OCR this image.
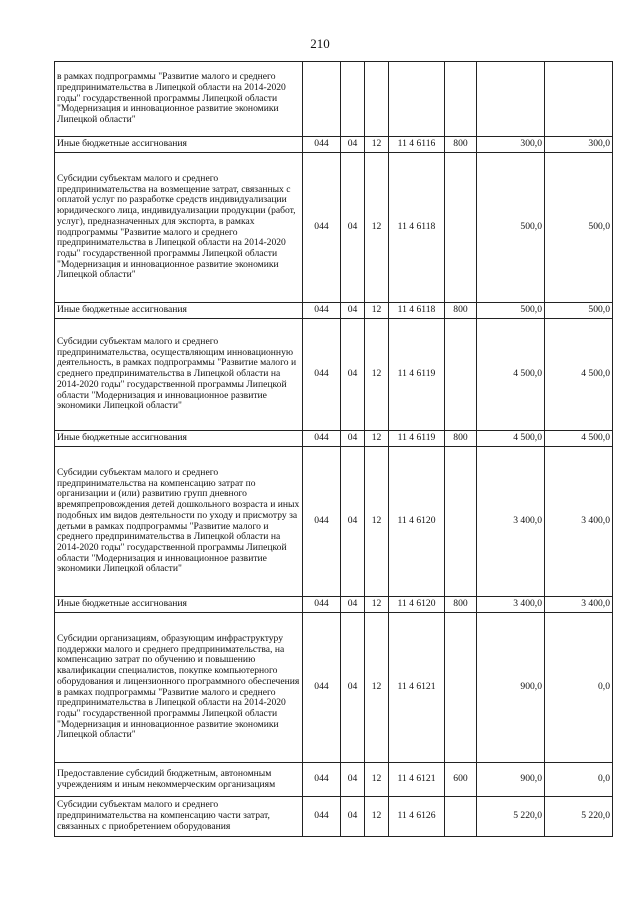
210
в рамках подпрограммы "Развитие малого и среднего предпринимательства в Липецкой области на 2014-2020 годы" государственной программы Липецкой области "Модернизация и инновационное развитие экономики Липецкой области"							
Иные бюджетные ассигнования	044	04	12	11 4 6116	800	300,0	300,0
Субсидии субъектам малого и среднего предпринимательства на возмещение затрат, связанных с оплатой услуг по разработке средств индивидуализации юридического лица, индивидуализации продукции (работ, услуг), предназначенных для экспорта, в рамках подпрограммы "Развитие малого и среднего предпринимательства в Липецкой области на 2014-2020 годы" государственной программы Липецкой области "Модернизация и инновационное развитие экономики Липецкой области"	044	04	12	11 4 6118		500,0	500,0
Иные бюджетные ассигнования	044	04	12	11 4 6118	800	500,0	500,0
Субсидии субъектам малого и среднего предпринимательства, осуществляющим инновационную деятельность, в рамках подпрограммы "Развитие малого и среднего предпринимательства в Липецкой области на 2014-2020 годы" государственной программы Липецкой области "Модернизация и инновационное развитие экономики Липецкой области"	044	04	12	11 4 6119		4 500,0	4 500,0
Иные бюджетные ассигнования	044	04	12	11 4 6119	800	4 500,0	4 500,0
Субсидии субъектам малого и среднего предпринимательства на компенсацию затрат по организации и (или) развитию групп дневного времяпрепровождения детей дошкольного возраста и иных подобных им видов деятельности по уходу и присмотру за детьми в рамках подпрограммы "Развитие малого и среднего предпринимательства в Липецкой области на 2014-2020 годы" государственной программы Липецкой области "Модернизация и инновационное развитие экономики Липецкой области"	044	04	12	11 4 6120		3 400,0	3 400,0
Иные бюджетные ассигнования	044	04	12	11 4 6120	800	3 400,0	3 400,0
Субсидии организациям, образующим инфраструктуру поддержки малого и среднего предпринимательства, на компенсацию затрат по обучению и повышению квалификации специалистов, покупке компьютерного оборудования и лицензионного программного обеспечения в рамках подпрограммы "Развитие малого и среднего предпринимательства в Липецкой области на 2014-2020 годы" государственной программы Липецкой области "Модернизация и инновационное развитие экономики Липецкой области"	044	04	12	11 4 6121		900,0	0,0
Предоставление субсидий бюджетным, автономным учреждениям и иным некоммерческим организациям	044	04	12	11 4 6121	600	900,0	0,0
Субсидии субъектам малого и среднего предпринимательства на компенсацию части затрат, связанных с приобретением оборудования	044	04	12	11 4 6126		5 220,0	5 220,0
